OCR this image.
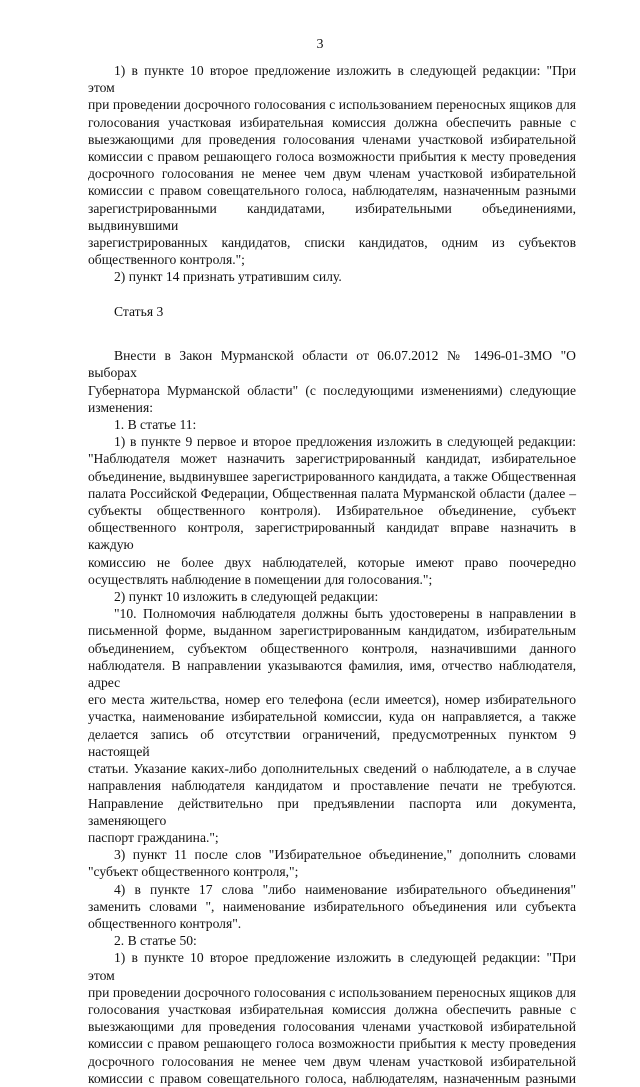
3
1) в пункте 10 второе предложение изложить в следующей редакции: "При этом
при проведении досрочного голосования с использованием переносных ящиков для
голосования участковая избирательная комиссия должна обеспечить равные с
выезжающими для проведения голосования членами участковой избирательной
комиссии с правом решающего голоса возможности прибытия к месту проведения
досрочного голосования не менее чем двум членам участковой избирательной
комиссии с правом совещательного голоса, наблюдателям, назначенным разными
зарегистрированными кандидатами, избирательными объединениями, выдвинувшими
зарегистрированных кандидатов, списки кандидатов, одним из субъектов
общественного контроля.";
2) пункт 14 признать утратившим силу.
Статья 3
Внести в Закон Мурманской области от 06.07.2012 № 1496-01-ЗМО "О выборах
Губернатора Мурманской области" (с последующими изменениями) следующие
изменения:
1. В статье 11:
1) в пункте 9 первое и второе предложения изложить в следующей редакции:
"Наблюдателя может назначить зарегистрированный кандидат, избирательное
объединение, выдвинувшее зарегистрированного кандидата, а также Общественная
палата Российской Федерации, Общественная палата Мурманской области (далее –
субъекты общественного контроля). Избирательное объединение, субъект
общественного контроля, зарегистрированный кандидат вправе назначить в каждую
комиссию не более двух наблюдателей, которые имеют право поочередно
осуществлять наблюдение в помещении для голосования.";
2) пункт 10 изложить в следующей редакции:
"10. Полномочия наблюдателя должны быть удостоверены в направлении в
письменной форме, выданном зарегистрированным кандидатом, избирательным
объединением, субъектом общественного контроля, назначившими данного
наблюдателя. В направлении указываются фамилия, имя, отчество наблюдателя, адрес
его места жительства, номер его телефона (если имеется), номер избирательного
участка, наименование избирательной комиссии, куда он направляется, а также
делается запись об отсутствии ограничений, предусмотренных пунктом 9 настоящей
статьи. Указание каких-либо дополнительных сведений о наблюдателе, а в случае
направления наблюдателя кандидатом и проставление печати не требуются.
Направление действительно при предъявлении паспорта или документа, заменяющего
паспорт гражданина.";
3) пункт 11 после слов "Избирательное объединение," дополнить словами
"субъект общественного контроля,";
4) в пункте 17 слова "либо наименование избирательного объединения"
заменить словами ", наименование избирательного объединения или субъекта
общественного контроля".
2. В статье 50:
1) в пункте 10 второе предложение изложить в следующей редакции: "При этом
при проведении досрочного голосования с использованием переносных ящиков для
голосования участковая избирательная комиссия должна обеспечить равные с
выезжающими для проведения голосования членами участковой избирательной
комиссии с правом решающего голоса возможности прибытия к месту проведения
досрочного голосования не менее чем двум членам участковой избирательной
комиссии с правом совещательного голоса, наблюдателям, назначенным разными
